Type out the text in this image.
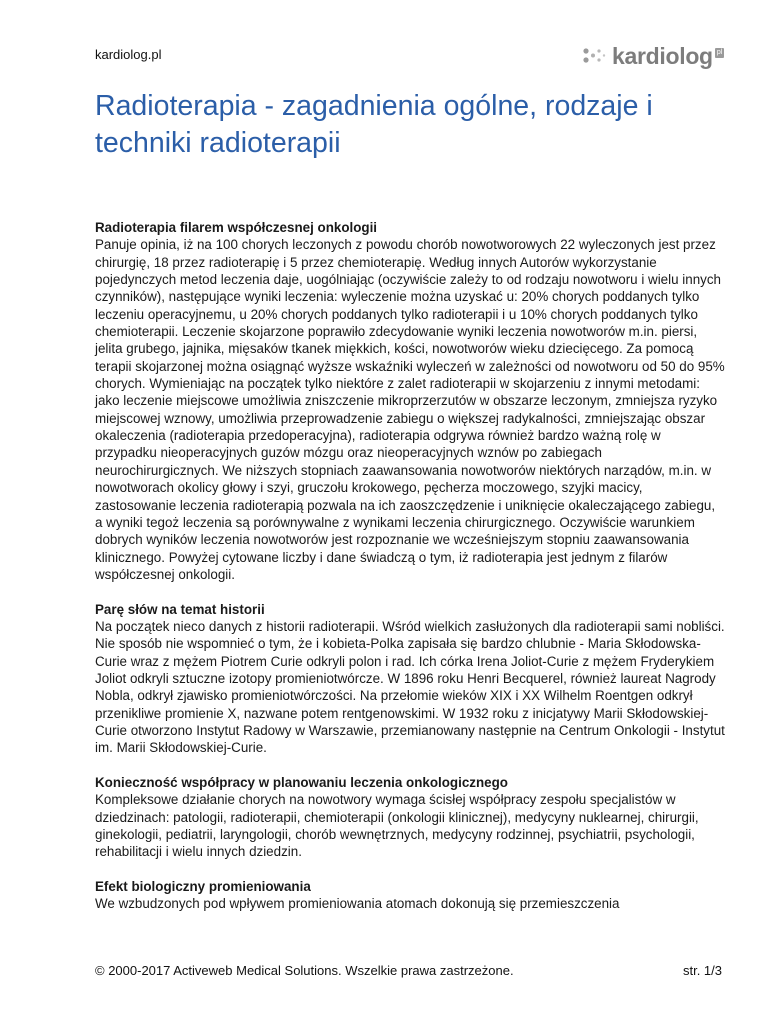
kardiolog.pl	kardiolog pl
Radioterapia - zagadnienia ogólne, rodzaje i techniki radioterapii
Radioterapia filarem współczesnej onkologii

Panuje opinia, iż na 100 chorych leczonych z powodu chorób nowotworowych 22 wyleczonych jest przez chirurgię, 18 przez radioterapię i 5 przez chemioterapię. Według innych Autorów wykorzystanie pojedynczych metod leczenia daje, uogólniając (oczywiście zależy to od rodzaju nowotworu i wielu innych czynników), następujące wyniki leczenia: wyleczenie można uzyskać u: 20% chorych poddanych tylko leczeniu operacyjnemu, u 20% chorych poddanych tylko radioterapii i u 10% chorych poddanych tylko chemioterapii. Leczenie skojarzone poprawiło zdecydowanie wyniki leczenia nowotworów m.in. piersi, jelita grubego, jajnika, mięsaków tkanek miękkich, kości, nowotworów wieku dziecięcego. Za pomocą terapii skojarzonej można osiągnąć wyższe wskaźniki wyleczeń w zależności od nowotworu od 50 do 95% chorych. Wymieniając na początek tylko niektóre z zalet radioterapii w skojarzeniu z innymi metodami: jako leczenie miejscowe umożliwia zniszczenie mikroprzerzutów w obszarze leczonym, zmniejsza ryzyko miejscowej wznowy, umożliwia przeprowadzenie zabiegu o większej radykalności, zmniejszając obszar okaleczenia (radioterapia przedoperacyjna), radioterapia odgrywa również bardzo ważną rolę w przypadku nieoperacyjnych guzów mózgu oraz nieoperacyjnych wznów po zabiegach neurochirurgicznych. We niższych stopniach zaawansowania nowotworów niektórych narządów, m.in. w nowotworach okolicy głowy i szyi, gruczołu krokowego, pęcherza moczowego, szyjki macicy, zastosowanie leczenia radioterapią pozwala na ich zaoszczędzenie i uniknięcie okaleczającego zabiegu, a wyniki tegoż leczenia są porównywalne z wynikami leczenia chirurgicznego. Oczywiście warunkiem dobrych wyników leczenia nowotworów jest rozpoznanie we wcześniejszym stopniu zaawansowania klinicznego. Powyżej cytowane liczby i dane świadczą o tym, iż radioterapia jest jednym z filarów współczesnej onkologii.

Parę słów na temat historii

Na początek nieco danych z historii radioterapii. Wśród wielkich zasłużonych dla radioterapii sami nobliści. Nie sposób nie wspomnieć o tym, że i kobieta-Polka zapisała się bardzo chlubnie - Maria Skłodowska-Curie wraz z mężem Piotrem Curie odkryli polon i rad. Ich córka Irena Joliot-Curie z mężem Fryderykiem Joliot odkryli sztuczne izotopy promieniotwórcze. W 1896 roku Henri Becquerel, również laureat Nagrody Nobla, odkrył zjawisko promieniotwórczości. Na przełomie wieków XIX i XX Wilhelm Roentgen odkrył przenikliwe promienie X, nazwane potem rentgenowskimi. W 1932 roku z inicjatywy Marii Skłodowskiej-Curie otworzono Instytut Radowy w Warszawie, przemianowany następnie na Centrum Onkologii - Instytut im. Marii Skłodowskiej-Curie.

Konieczność współpracy w planowaniu leczenia onkologicznego

Kompleksowe działanie chorych na nowotwory wymaga ścisłej współpracy zespołu specjalistów w dziedzinach: patologii, radioterapii, chemioterapii (onkologii klinicznej), medycyny nuklearnej, chirurgii, ginekologii, pediatrii, laryngologii, chorób wewnętrznych, medycyny rodzinnej, psychiatrii, psychologii, rehabilitacji i wielu innych dziedzin.

Efekt biologiczny promieniowania

We wzbudzonych pod wpływem promieniowania atomach dokonują się przemieszczenia

© 2000-2017 Activeweb Medical Solutions. Wszelkie prawa zastrzeżone.	str. 1/3
